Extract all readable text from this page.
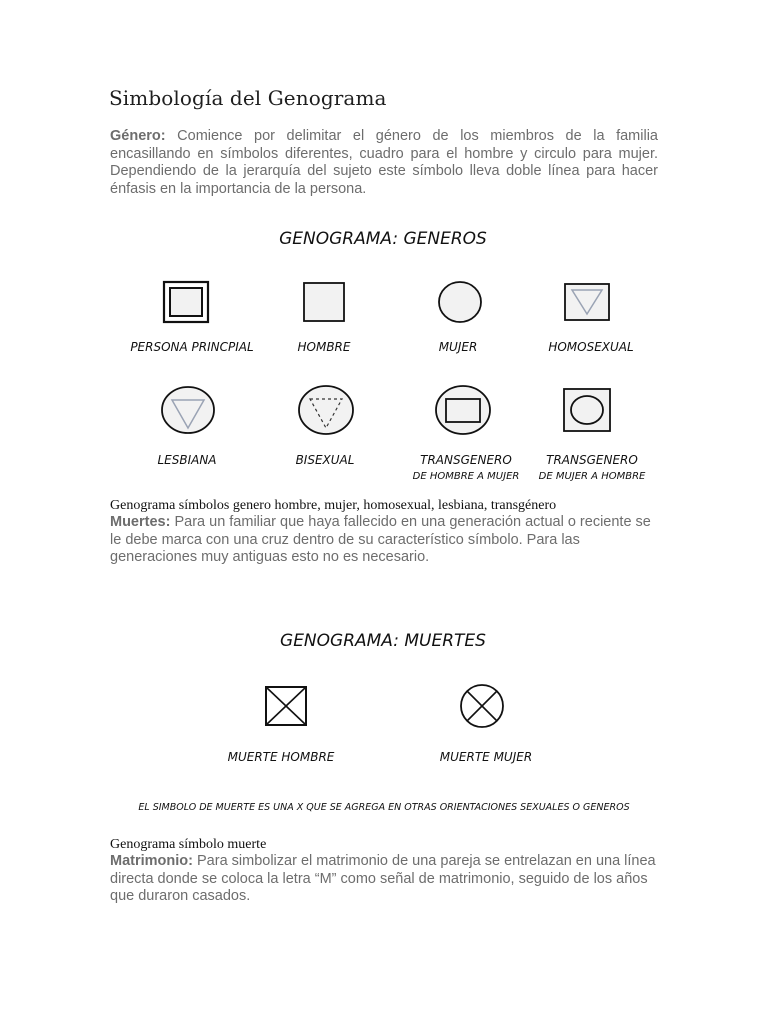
Simbología del Genograma

Género: Comience por delimitar el género de los miembros de la familia encasillando en símbolos diferentes, cuadro para el hombre y circulo para mujer. Dependiendo de la jerarquía del sujeto este símbolo lleva doble línea para hacer énfasis en la importancia de la persona.

GENOGRAMA: GENEROS
PERSONA PRINCPIAL	HOMBRE	MUJER	HOMOSEXUAL
LESBIANA	BISEXUAL	TRANSGENERO
DE HOMBRE A MUJER
TRANSGENERO
DE MUJER A HOMBRE

Genograma símbolos genero hombre, mujer, homosexual, lesbiana, transgénero

Muertes: Para un familiar que haya fallecido en una generación actual o reciente se le debe marca con una cruz dentro de su característico símbolo. Para las generaciones muy antiguas esto no es necesario.

GENOGRAMA: MUERTES
MUERTE HOMBRE	MUERTE MUJER
EL SIMBOLO DE MUERTE ES UNA X QUE SE AGREGA EN OTRAS ORIENTACIONES SEXUALES O GENEROS

Genograma símbolo muerte

Matrimonio: Para simbolizar el matrimonio de una pareja se entrelazan en una línea directa donde se coloca la letra “M” como señal de matrimonio, seguido de los años que duraron casados.
